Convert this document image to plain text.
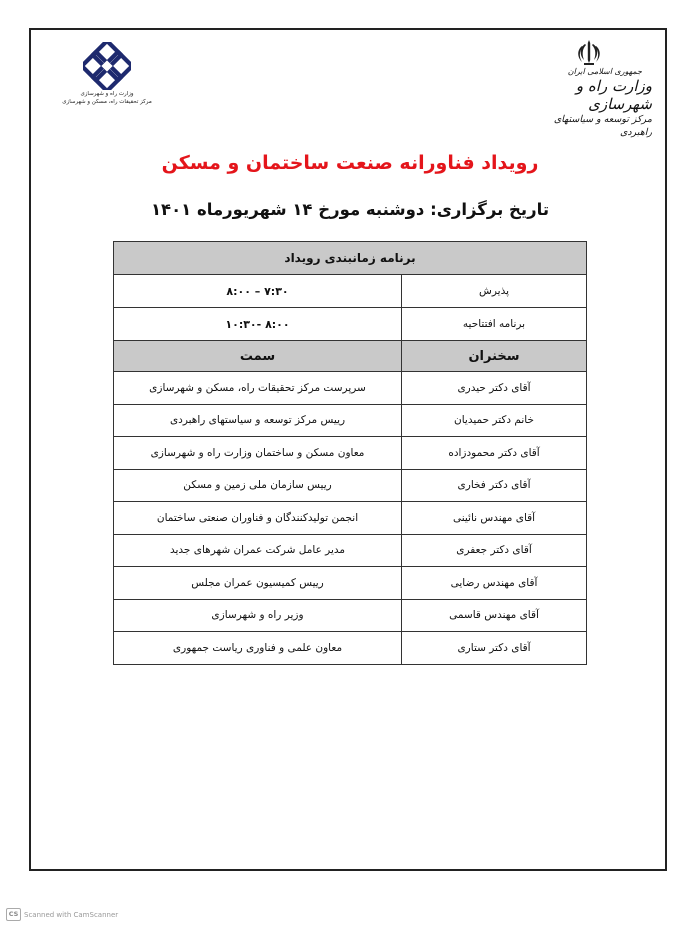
وزارت راه و شهرسازی
مرکز تحقیقات راه، مسکن و شهرسازی
جمهوری اسلامی ایران
وزارت راه و شهرسازی
مرکز توسعه و سیاستهای راهبردی
رویداد فناورانه صنعت ساختمان و مسکن
تاریخ برگزاری: دوشنبه مورخ ۱۴ شهریورماه ۱۴۰۱
برنامه زمانبندی رویداد	
پذیرش	۷:۳۰ – ۸:۰۰
برنامه افتتاحیه	۸:۰۰ -۱۰:۳۰
سخنران	سمت
آقای دکتر حیدری	سرپرست مرکز تحقیقات راه، مسکن و شهرسازی
خانم دکتر حمیدیان	رییس مرکز توسعه و سیاستهای راهبردی
آقای دکتر محمودزاده	معاون مسکن و ساختمان وزارت راه و شهرسازی
آقای دکتر فخاری	رییس سازمان ملی زمین و مسکن
آقای مهندس نائینی	انجمن تولیدکنندگان و فناوران صنعتی ساختمان
آقای دکتر جعفری	مدیر عامل شرکت عمران شهرهای جدید
آقای مهندس رضایی	رییس کمیسیون عمران مجلس
آقای مهندس قاسمی	وزیر راه و شهرسازی
آقای دکتر ستاری	معاون علمی و فناوری ریاست جمهوری
CS Scanned with CamScanner
